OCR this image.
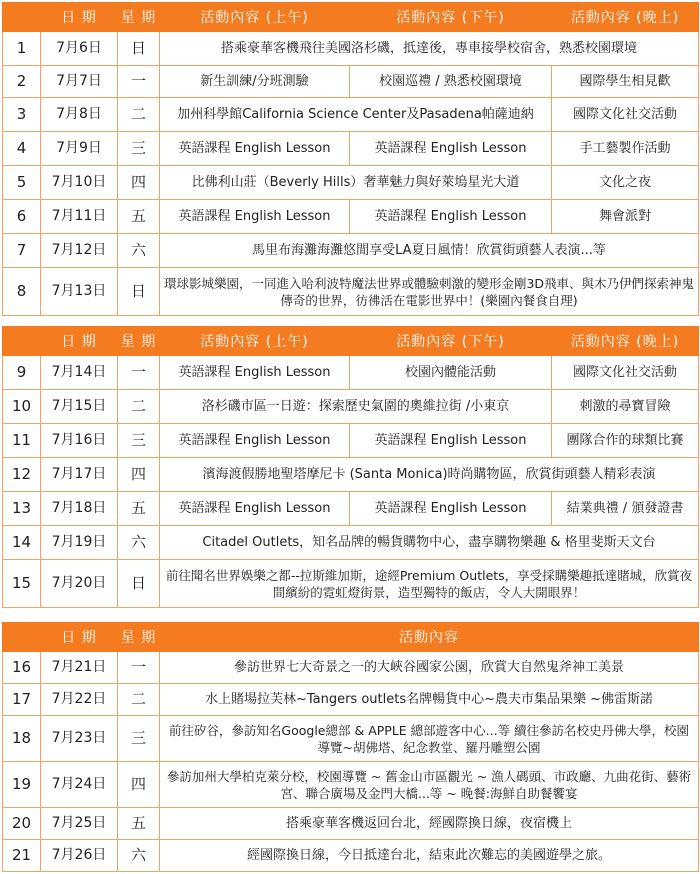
	日 期	星 期	活動內容 (上午)	活動內容 (下午)	活動內容 (晚上)
1	7月6日	日	搭乘豪華客機飛往美國洛杉磯，抵達後，專車接學校宿舍，熟悉校園環境		
2	7月7日	一	新生訓練/分班測驗	校園巡禮 / 熟悉校園環境	國際學生相見歡
3	7月8日	二	加州科學館California Science Center及Pasadena帕薩迪納		國際文化社交活動
4	7月9日	三	英語課程 English Lesson	英語課程 English Lesson	手工藝製作活動
5	7月10日	四	比佛利山莊（Beverly Hills）奢華魅力與好萊塢星光大道		文化之夜
6	7月11日	五	英語課程 English Lesson	英語課程 English Lesson	舞會派對
7	7月12日	六	馬里布海灘海灘悠閒享受LA夏日風情！欣賞街頭藝人表演...等		
8	7月13日	日	環球影城樂園，一同進入哈利波特魔法世界或體驗刺激的變形金剛3D飛車、與木乃伊們探索神鬼傳奇的世界，彷彿活在電影世界中！(樂園內餐食自理)		
	日 期	星 期	活動內容 (上午)	活動內容 (下午)	活動內容 (晚上)
9	7月14日	一	英語課程 English Lesson	校園內體能活動	國際文化社交活動
10	7月15日	二	洛杉磯市區一日遊：探索歷史氣圍的奧維拉街 /小東京		刺激的尋寶冒險
11	7月16日	三	英語課程 English Lesson	英語課程 English Lesson	團隊合作的球類比賽
12	7月17日	四	濱海渡假勝地聖塔摩尼卡 (Santa Monica)時尚購物區，欣賞街頭藝人精彩表演		
13	7月18日	五	英語課程 English Lesson	英語課程 English Lesson	結業典禮 / 頒發證書
14	7月19日	六	Citadel Outlets，知名品牌的暢貨購物中心，盡享購物樂趣 & 格里斐斯天文台		
15	7月20日	日	前往聞名世界娛樂之都--拉斯維加斯，途經Premium Outlets，享受採購樂趣抵達賭城，欣賞夜間繽紛的霓虹燈街景，造型獨特的飯店，令人大開眼界！		
	日 期	星 期	活動內容
16	7月21日	一	參訪世界七大奇景之一的大峽谷國家公園，欣賞大自然鬼斧神工美景
17	7月22日	二	水上賭場拉芙林~Tangers outlets名牌暢貨中心~農夫市集品果樂 ~佛雷斯諾
18	7月23日	三	前往矽谷，參訪知名Google總部 & APPLE 總部遊客中心...等 續往參訪名校史丹佛大學，校園導覽~胡佛塔、紀念教堂、羅丹雕塑公園
19	7月24日	四	參訪加州大學柏克萊分校，校園導覽 ~ 舊金山市區觀光 ~ 漁人碼頭、市政廳、九曲花街、藝術宮、聯合廣場及金門大橋...等 ~ 晚餐:海鮮自助餐饗宴
20	7月25日	五	搭乘豪華客機返回台北，經國際換日線，夜宿機上
21	7月26日	六	經國際換日線，今日抵達台北，結束此次難忘的美國遊學之旅。
